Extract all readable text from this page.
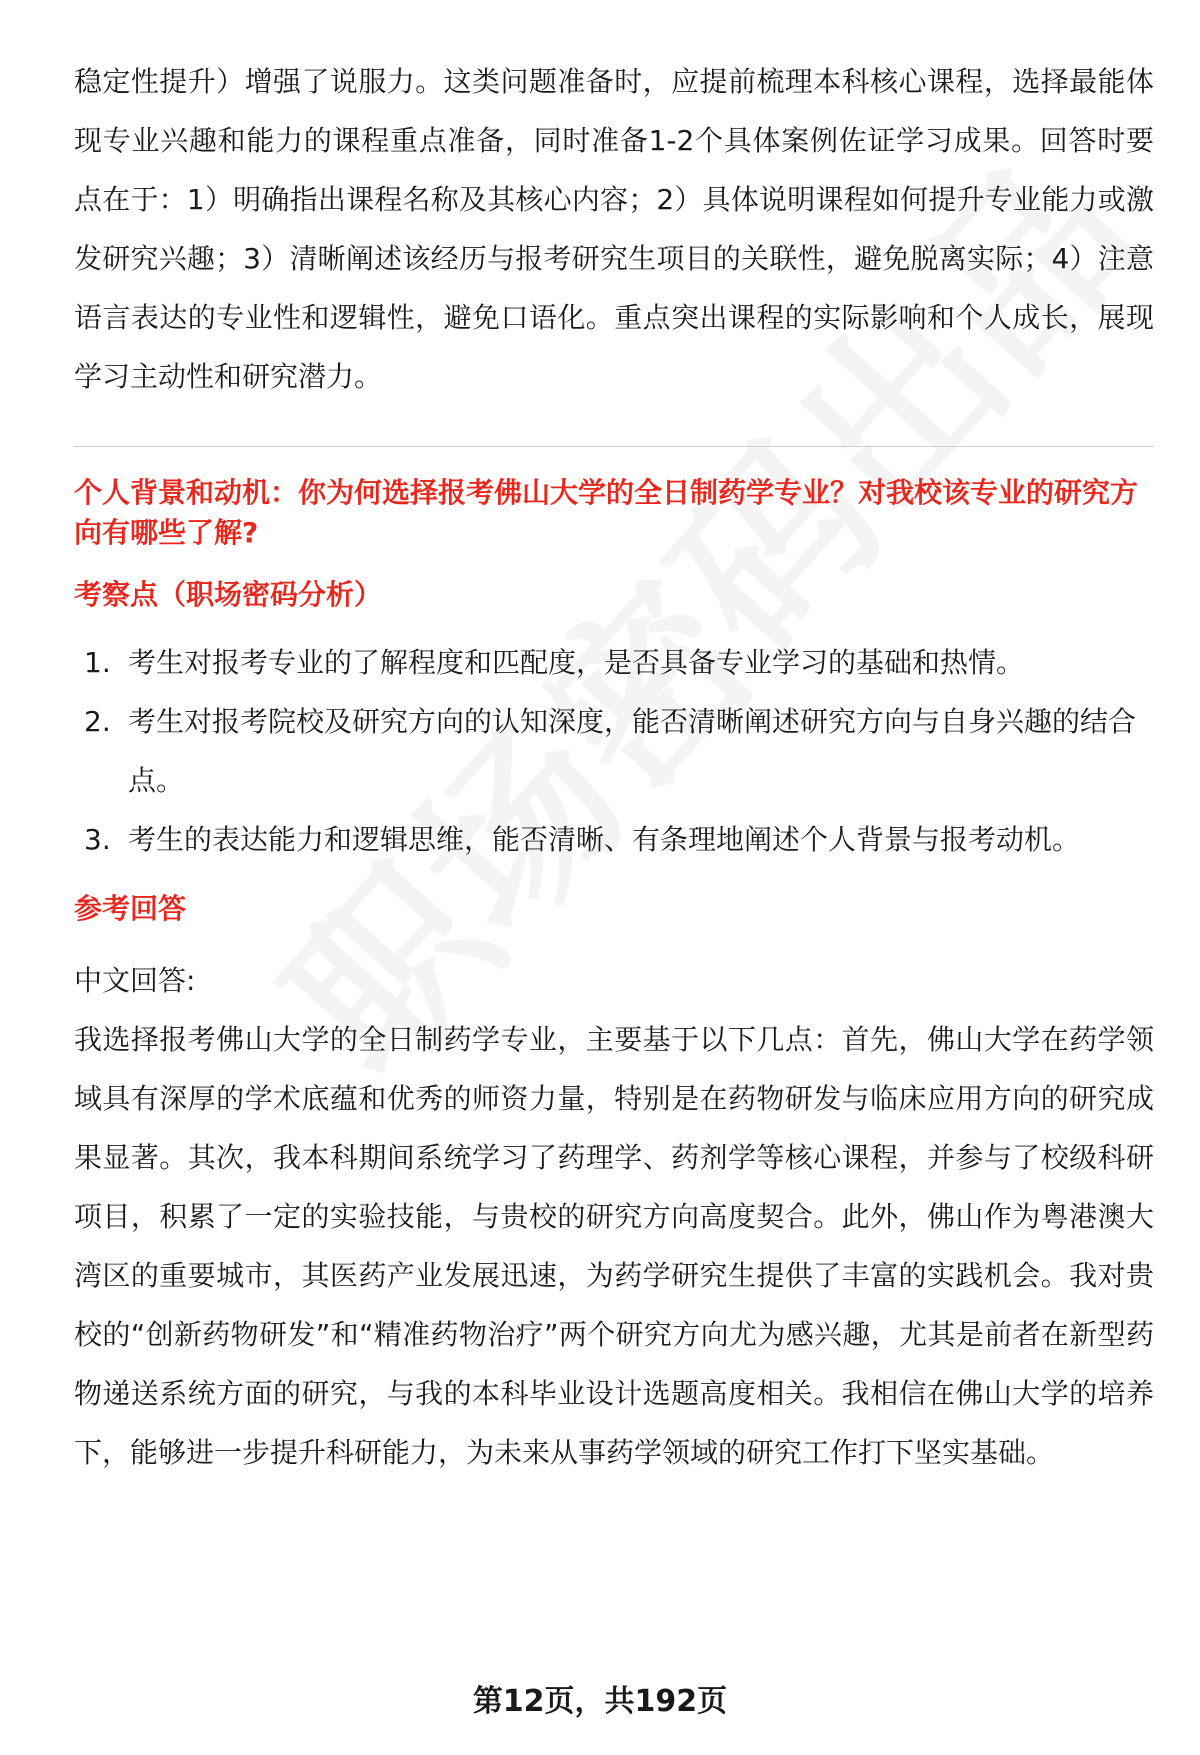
稳定性提升）增强了说服力。这类问题准备时，应提前梳理本科核心课程，选择最能体现专业兴趣和能力的课程重点准备，同时准备1-2个具体案例佐证学习成果。回答时要点在于：1）明确指出课程名称及其核心内容；2）具体说明课程如何提升专业能力或激发研究兴趣；3）清晰阐述该经历与报考研究生项目的关联性，避免脱离实际；4）注意语言表达的专业性和逻辑性，避免口语化。重点突出课程的实际影响和个人成长，展现学习主动性和研究潜力。

个人背景和动机：你为何选择报考佛山大学的全日制药学专业？对我校该专业的研究方向有哪些了解?

考察点（职场密码分析）

1. 考生对报考专业的了解程度和匹配度，是否具备专业学习的基础和热情。
2. 考生对报考院校及研究方向的认知深度，能否清晰阐述研究方向与自身兴趣的结合点。
3. 考生的表达能力和逻辑思维，能否清晰、有条理地阐述个人背景与报考动机。

参考回答

中文回答:

我选择报考佛山大学的全日制药学专业，主要基于以下几点：首先，佛山大学在药学领域具有深厚的学术底蕴和优秀的师资力量，特别是在药物研发与临床应用方向的研究成果显著。其次，我本科期间系统学习了药理学、药剂学等核心课程，并参与了校级科研项目，积累了一定的实验技能，与贵校的研究方向高度契合。此外，佛山作为粤港澳大湾区的重要城市，其医药产业发展迅速，为药学研究生提供了丰富的实践机会。我对贵校的“创新药物研发”和“精准药物治疗”两个研究方向尤为感兴趣，尤其是前者在新型药物递送系统方面的研究，与我的本科毕业设计选题高度相关。我相信在佛山大学的培养下，能够进一步提升科研能力，为未来从事药学领域的研究工作打下坚实基础。

第12页，共192页
